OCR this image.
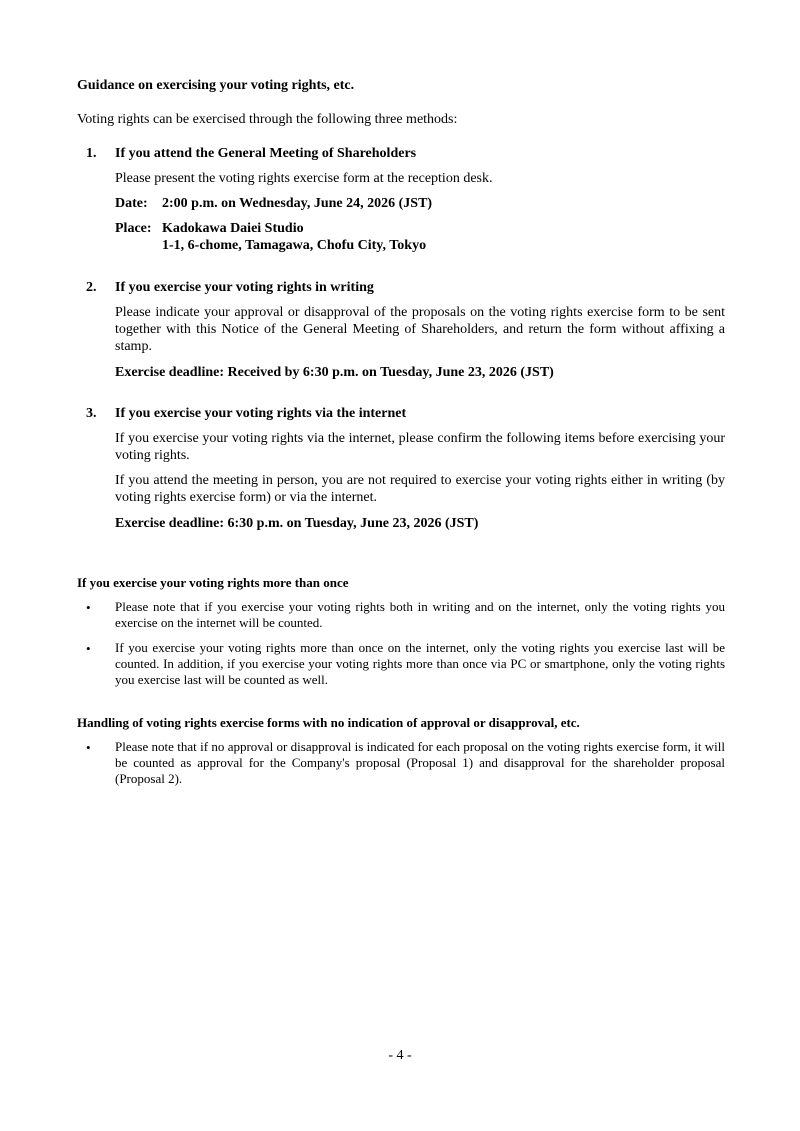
Guidance on exercising your voting rights, etc.
Voting rights can be exercised through the following three methods:
1. If you attend the General Meeting of Shareholders
Please present the voting rights exercise form at the reception desk.
Date: 2:00 p.m. on Wednesday, June 24, 2026 (JST)
Place: Kadokawa Daiei Studio
1-1, 6-chome, Tamagawa, Chofu City, Tokyo
2. If you exercise your voting rights in writing
Please indicate your approval or disapproval of the proposals on the voting rights exercise form to be sent together with this Notice of the General Meeting of Shareholders, and return the form without affixing a stamp.
Exercise deadline: Received by 6:30 p.m. on Tuesday, June 23, 2026 (JST)
3. If you exercise your voting rights via the internet
If you exercise your voting rights via the internet, please confirm the following items before exercising your voting rights.
If you attend the meeting in person, you are not required to exercise your voting rights either in writing (by voting rights exercise form) or via the internet.
Exercise deadline: 6:30 p.m. on Tuesday, June 23, 2026 (JST)
If you exercise your voting rights more than once
• Please note that if you exercise your voting rights both in writing and on the internet, only the voting rights you exercise on the internet will be counted.
• If you exercise your voting rights more than once on the internet, only the voting rights you exercise last will be counted. In addition, if you exercise your voting rights more than once via PC or smartphone, only the voting rights you exercise last will be counted as well.
Handling of voting rights exercise forms with no indication of approval or disapproval, etc.
• Please note that if no approval or disapproval is indicated for each proposal on the voting rights exercise form, it will be counted as approval for the Company's proposal (Proposal 1) and disapproval for the shareholder proposal (Proposal 2).
- 4 -
